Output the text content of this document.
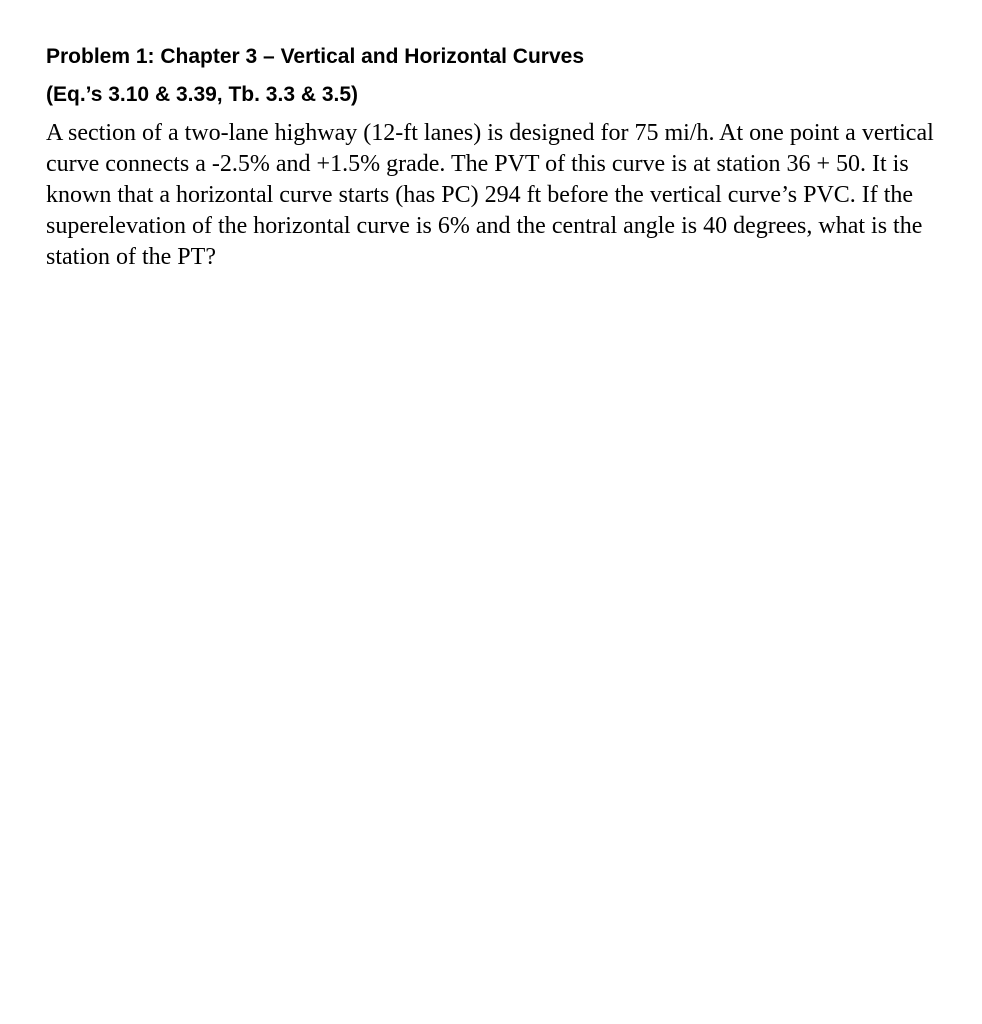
Problem 1: Chapter 3 – Vertical and Horizontal Curves
(Eq.’s 3.10 & 3.39, Tb. 3.3 & 3.5)

A section of a two-lane highway (12-ft lanes) is designed for 75 mi/h. At one point a vertical curve connects a -2.5% and +1.5% grade. The PVT of this curve is at station 36 + 50. It is known that a horizontal curve starts (has PC) 294 ft before the vertical curve’s PVC. If the superelevation of the horizontal curve is 6% and the central angle is 40 degrees, what is the station of the PT?
